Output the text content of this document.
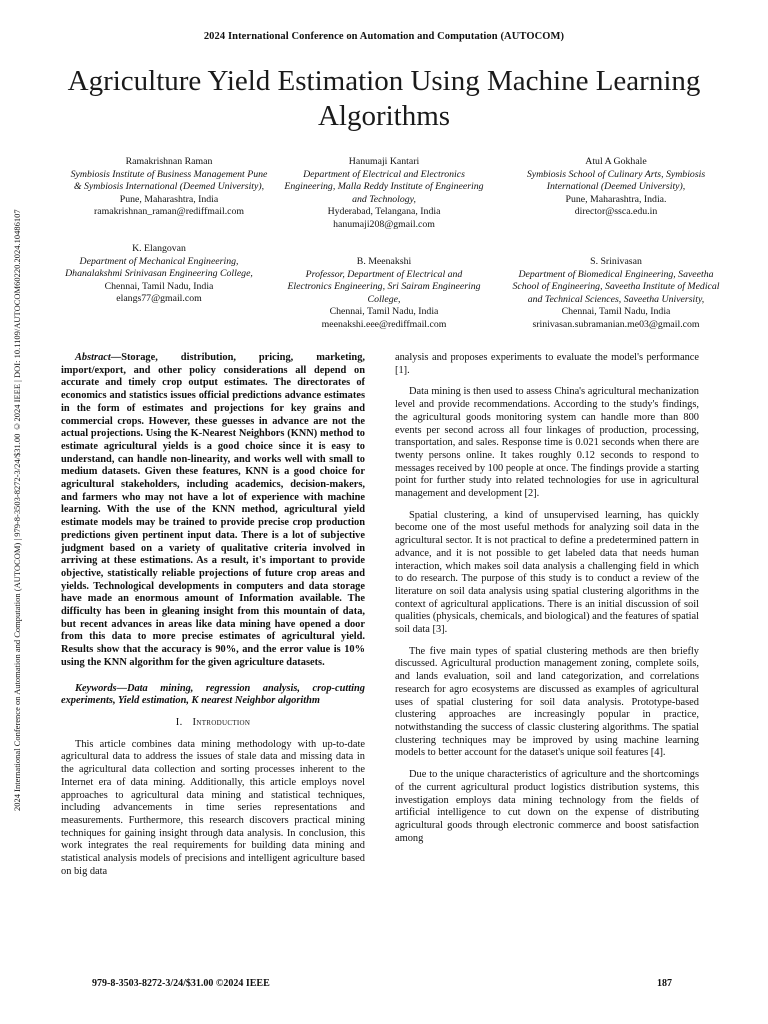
2024 International Conference on Automation and Computation (AUTOCOM)
Agriculture Yield Estimation Using Machine Learning Algorithms
2024 International Conference on Automation and Computation (AUTOCOM) | 979-8-3503-8272-3/24/$31.00 ©2024 IEEE | DOI: 10.1109/AUTOCOM60220.2024.10486107
Ramakrishnan Raman
Symbiosis Institute of Business Management Pune & Symbiosis International (Deemed University),
Pune, Maharashtra, India
ramakrishnan_raman@rediffmail.com
Hanumaji Kantari
Department of Electrical and Electronics Engineering, Malla Reddy Institute of Engineering and Technology,
Hyderabad, Telangana, India
hanumaji208@gmail.com
Atul A Gokhale
Symbiosis School of Culinary Arts, Symbiosis International (Deemed University),
Pune, Maharashtra, India.
director@ssca.edu.in
K. Elangovan
Department of Mechanical Engineering, Dhanalakshmi Srinivasan Engineering College,
Chennai, Tamil Nadu, India
elangs77@gmail.com
B. Meenakshi
Professor, Department of Electrical and Electronics Engineering, Sri Sairam Engineering College,
Chennai, Tamil Nadu, India
meenakshi.eee@rediffmail.com
S. Srinivasan
Department of Biomedical Engineering, Saveetha School of Engineering, Saveetha Institute of Medical and Technical Sciences, Saveetha University,
Chennai, Tamil Nadu, India
srinivasan.subramanian.me03@gmail.com

Abstract—Storage, distribution, pricing, marketing, import/export, and other policy considerations all depend on accurate and timely crop output estimates. The directorates of economics and statistics issues official predictions advance estimates in the form of estimates and projections for key grains and commercial crops. However, these guesses in advance are not the actual projections. Using the K-Nearest Neighbors (KNN) method to estimate agricultural yields is a good choice since it is easy to understand, can handle non-linearity, and works well with small to medium datasets. Given these features, KNN is a good choice for agricultural stakeholders, including academics, decision-makers, and farmers who may not have a lot of experience with machine learning. With the use of the KNN method, agricultural yield estimate models may be trained to provide precise crop production predictions given pertinent input data. There is a lot of subjective judgment based on a variety of qualitative criteria involved in arriving at these estimations. As a result, it's important to provide objective, statistically reliable projections of future crop areas and yields. Technological developments in computers and data storage have made an enormous amount of Information available. The difficulty has been in gleaning insight from this mountain of data, but recent advances in areas like data mining have opened a door from this data to more precise estimates of agricultural yield. Results show that the accuracy is 90%, and the error value is 10% using the KNN algorithm for the given agriculture datasets.

Keywords—Data mining, regression analysis, crop-cutting experiments, Yield estimation, K nearest Neighbor algorithm

I. Introduction

This article combines data mining methodology with up-to-date agricultural data to address the issues of stale data and missing data in the agricultural data collection and sorting processes inherent to the Internet era of data mining. Additionally, this article employs novel approaches to agricultural data mining and statistical techniques, including advancements in time series representations and measurements. Furthermore, this research discovers practical mining techniques for gaining insight through data analysis. In conclusion, this work integrates the real requirements for building data mining and statistical analysis models of precisions and intelligent agriculture based on big data

analysis and proposes experiments to evaluate the model's performance [1].

Data mining is then used to assess China's agricultural mechanization level and provide recommendations. According to the study's findings, the agricultural goods monitoring system can handle more than 800 events per second across all four linkages of production, processing, transportation, and sales. Response time is 0.021 seconds when there are twenty persons online. It takes roughly 0.12 seconds to respond to messages received by 100 people at once. The findings provide a starting point for further study into related technologies for use in agricultural management and development [2].

Spatial clustering, a kind of unsupervised learning, has quickly become one of the most useful methods for analyzing soil data in the agricultural sector. It is not practical to define a predetermined pattern in advance, and it is not possible to get labeled data that needs human interaction, which makes soil data analysis a challenging field in which to do research. The purpose of this study is to conduct a review of the literature on soil data analysis using spatial clustering algorithms in the context of agricultural applications. There is an initial discussion of soil qualities (physicals, chemicals, and biological) and the features of spatial soil data [3].

The five main types of spatial clustering methods are then briefly discussed. Agricultural production management zoning, complete soils, and lands evaluation, soil and land categorization, and correlations research for agro ecosystems are discussed as examples of agricultural uses of spatial clustering for soil data analysis. Prototype-based clustering approaches are increasingly popular in practice, notwithstanding the success of classic clustering algorithms. The spatial clustering techniques may be improved by using machine learning models to better account for the dataset's unique soil features [4].

Due to the unique characteristics of agriculture and the shortcomings of the current agricultural product logistics distribution systems, this investigation employs data mining technology from the fields of artificial intelligence to cut down on the expense of distributing agricultural goods through electronic commerce and boost satisfaction among

979-8-3503-8272-3/24/$31.00 ©2024 IEEE	187
